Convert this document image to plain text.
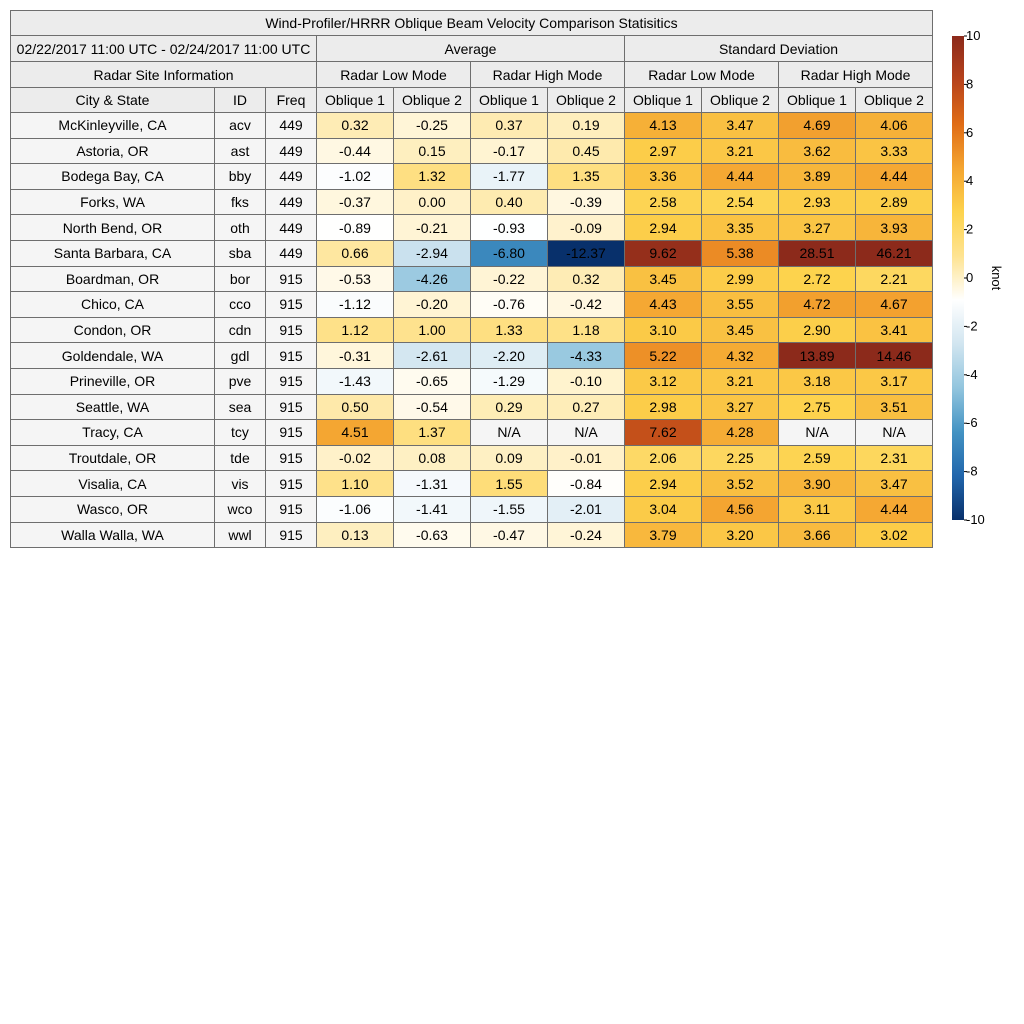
Wind-Profiler/HRRR Oblique Beam Velocity Comparison Statisitics										
02/22/2017 11:00 UTC - 02/24/2017 11:00 UTC			Average				Standard Deviation			
Radar Site Information			Radar Low Mode		Radar High Mode		Radar Low Mode		Radar High Mode	
City & State	ID	Freq	Oblique 1	Oblique 2	Oblique 1	Oblique 2	Oblique 1	Oblique 2	Oblique 1	Oblique 2
McKinleyville, CA	acv	449	0.32	-0.25	0.37	0.19	4.13	3.47	4.69	4.06
Astoria, OR	ast	449	-0.44	0.15	-0.17	0.45	2.97	3.21	3.62	3.33
Bodega Bay, CA	bby	449	-1.02	1.32	-1.77	1.35	3.36	4.44	3.89	4.44
Forks, WA	fks	449	-0.37	0.00	0.40	-0.39	2.58	2.54	2.93	2.89
North Bend, OR	oth	449	-0.89	-0.21	-0.93	-0.09	2.94	3.35	3.27	3.93
Santa Barbara, CA	sba	449	0.66	-2.94	-6.80	-12.37	9.62	5.38	28.51	46.21
Boardman, OR	bor	915	-0.53	-4.26	-0.22	0.32	3.45	2.99	2.72	2.21
Chico, CA	cco	915	-1.12	-0.20	-0.76	-0.42	4.43	3.55	4.72	4.67
Condon, OR	cdn	915	1.12	1.00	1.33	1.18	3.10	3.45	2.90	3.41
Goldendale, WA	gdl	915	-0.31	-2.61	-2.20	-4.33	5.22	4.32	13.89	14.46
Prineville, OR	pve	915	-1.43	-0.65	-1.29	-0.10	3.12	3.21	3.18	3.17
Seattle, WA	sea	915	0.50	-0.54	0.29	0.27	2.98	3.27	2.75	3.51
Tracy, CA	tcy	915	4.51	1.37	N/A	N/A	7.62	4.28	N/A	N/A
Troutdale, OR	tde	915	-0.02	0.08	0.09	-0.01	2.06	2.25	2.59	2.31
Visalia, CA	vis	915	1.10	-1.31	1.55	-0.84	2.94	3.52	3.90	3.47
Wasco, OR	wco	915	-1.06	-1.41	-1.55	-2.01	3.04	4.56	3.11	4.44
Walla Walla, WA	wwl	915	0.13	-0.63	-0.47	-0.24	3.79	3.20	3.66	3.02
10
8
6
4
2
0
-2
-4
-6
-8
-10
knot
